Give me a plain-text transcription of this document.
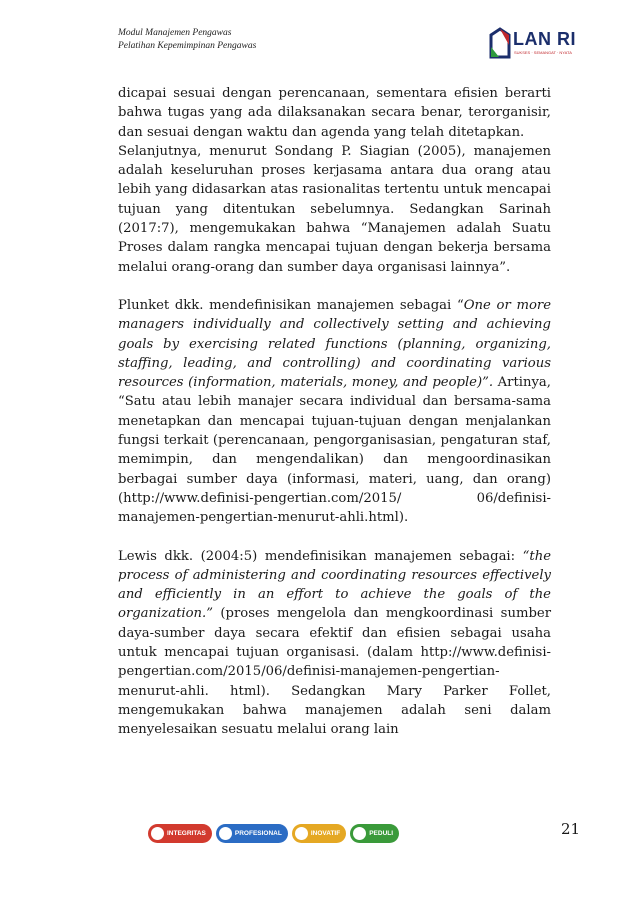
Modul Manajemen Pengawas
Pelatihan Kepemimpinan Pengawas	LAN RI
SUKSES · SEMANGAT · NYATA

dicapai sesuai dengan perencanaan, sementara efisien berarti bahwa tugas yang ada dilaksanakan secara benar, terorganisir, dan sesuai dengan waktu dan agenda yang telah ditetapkan.

Selanjutnya, menurut Sondang P. Siagian (2005), manajemen adalah keseluruhan proses kerjasama antara dua orang atau lebih yang didasarkan atas rasionalitas tertentu untuk mencapai tujuan yang ditentukan sebelumnya. Sedangkan Sarinah (2017:7), mengemukakan bahwa “Manajemen adalah Suatu Proses dalam rangka mencapai tujuan dengan bekerja bersama melalui orang-orang dan sumber daya organisasi lainnya”.

Plunket dkk. mendefinisikan manajemen sebagai “One or more managers individually and collectively setting and achieving goals by exercising related functions (planning, organizing, staffing, leading, and controlling) and coordinating various resources (information, materials, money, and people)”. Artinya, “Satu atau lebih manajer secara individual dan bersama-sama menetapkan dan mencapai tujuan-tujuan dengan menjalankan fungsi terkait (perencanaan, pengorganisasian, pengaturan staf, memimpin, dan mengendalikan) dan mengoordinasikan berbagai sumber daya (informasi, materi, uang, dan orang) (http://www.definisi-pengertian.com/2015/ 06/definisi-manajemen-pengertian-menurut-ahli.html).

Lewis dkk. (2004:5) mendefinisikan manajemen sebagai: “the process of administering and coordinating resources effectively and efficiently in an effort to achieve the goals of the organization.” (proses mengelola dan mengkoordinasi sumber daya-sumber daya secara efektif dan efisien sebagai usaha untuk mencapai tujuan organisasi. (dalam http://www.definisi-pengertian.com/2015/06/definisi-manajemen-pengertian-menurut-ahli. html). Sedangkan Mary Parker Follet, mengemukakan bahwa manajemen adalah seni dalam menyelesaikan sesuatu melalui orang lain

INTEGRITAS	PROFESIONAL	INOVATIF	PEDULI	21
